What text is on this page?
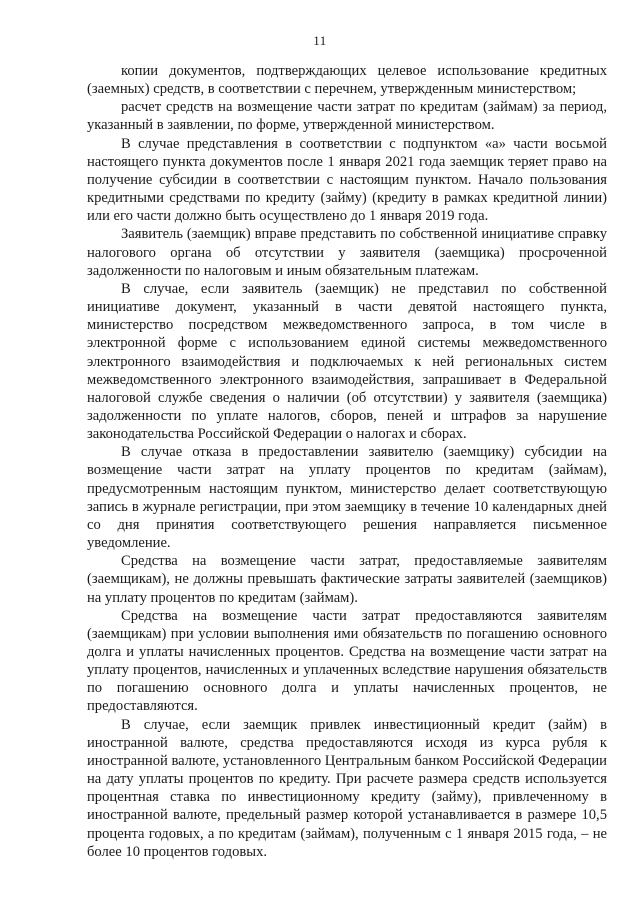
11

копии документов, подтверждающих целевое использование кредитных (заемных) средств, в соответствии с перечнем, утвержденным министерством;

расчет средств на возмещение части затрат по кредитам (займам) за период, указанный в заявлении, по форме, утвержденной министерством.

В случае представления в соответствии с подпунктом «а» части восьмой настоящего пункта документов после 1 января 2021 года заемщик теряет право на получение субсидии в соответствии с настоящим пунктом. Начало пользования кредитными средствами по кредиту (займу) (кредиту в рамках кредитной линии) или его части должно быть осуществлено до 1 января 2019 года.

Заявитель (заемщик) вправе представить по собственной инициативе справку налогового органа об отсутствии у заявителя (заемщика) просроченной задолженности по налоговым и иным обязательным платежам.

В случае, если заявитель (заемщик) не представил по собственной инициативе документ, указанный в части девятой настоящего пункта, министерство посредством межведомственного запроса, в том числе в электронной форме с использованием единой системы межведомственного электронного взаимодействия и подключаемых к ней региональных систем межведомственного электронного взаимодействия, запрашивает в Федеральной налоговой службе сведения о наличии (об отсутствии) у заявителя (заемщика) задолженности по уплате налогов, сборов, пеней и штрафов за нарушение законодательства Российской Федерации о налогах и сборах.

В случае отказа в предоставлении заявителю (заемщику) субсидии на возмещение части затрат на уплату процентов по кредитам (займам), предусмотренным настоящим пунктом, министерство делает соответствующую запись в журнале регистрации, при этом заемщику в течение 10 календарных дней со дня принятия соответствующего решения направляется письменное уведомление.

Средства на возмещение части затрат, предоставляемые заявителям (заемщикам), не должны превышать фактические затраты заявителей (заемщиков) на уплату процентов по кредитам (займам).

Средства на возмещение части затрат предоставляются заявителям (заемщикам) при условии выполнения ими обязательств по погашению основного долга и уплаты начисленных процентов. Средства на возмещение части затрат на уплату процентов, начисленных и уплаченных вследствие нарушения обязательств по погашению основного долга и уплаты начисленных процентов, не предоставляются.

В случае, если заемщик привлек инвестиционный кредит (займ) в иностранной валюте, средства предоставляются исходя из курса рубля к иностранной валюте, установленного Центральным банком Российской Федерации на дату уплаты процентов по кредиту. При расчете размера средств используется процентная ставка по инвестиционному кредиту (займу), привлеченному в иностранной валюте, предельный размер которой устанавливается в размере 10,5 процента годовых, а по кредитам (займам), полученным с 1 января 2015 года, – не более 10 процентов годовых.
